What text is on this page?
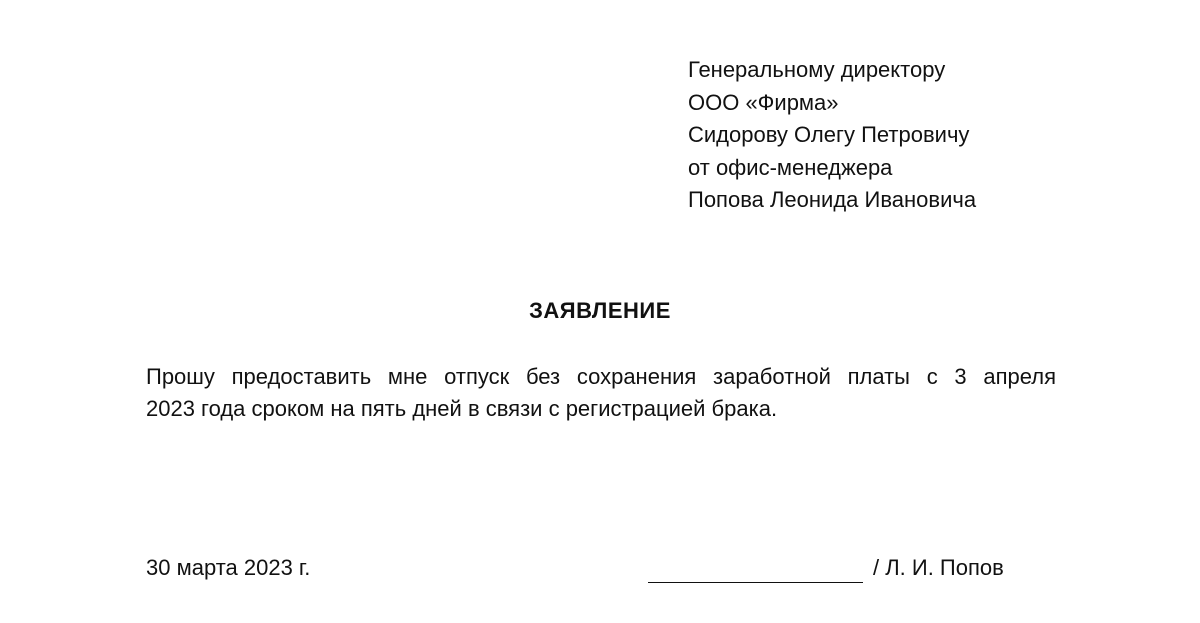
Генеральному директору
ООО «Фирма»
Сидорову Олегу Петровичу
от офис-менеджера
Попова Леонида Ивановича
ЗАЯВЛЕНИЕ
Прошу предоставить мне отпуск без сохранения заработной платы с 3 апреля
2023 года сроком на пять дней в связи с регистрацией брака.
30 марта 2023 г.	/ Л. И. Попов
